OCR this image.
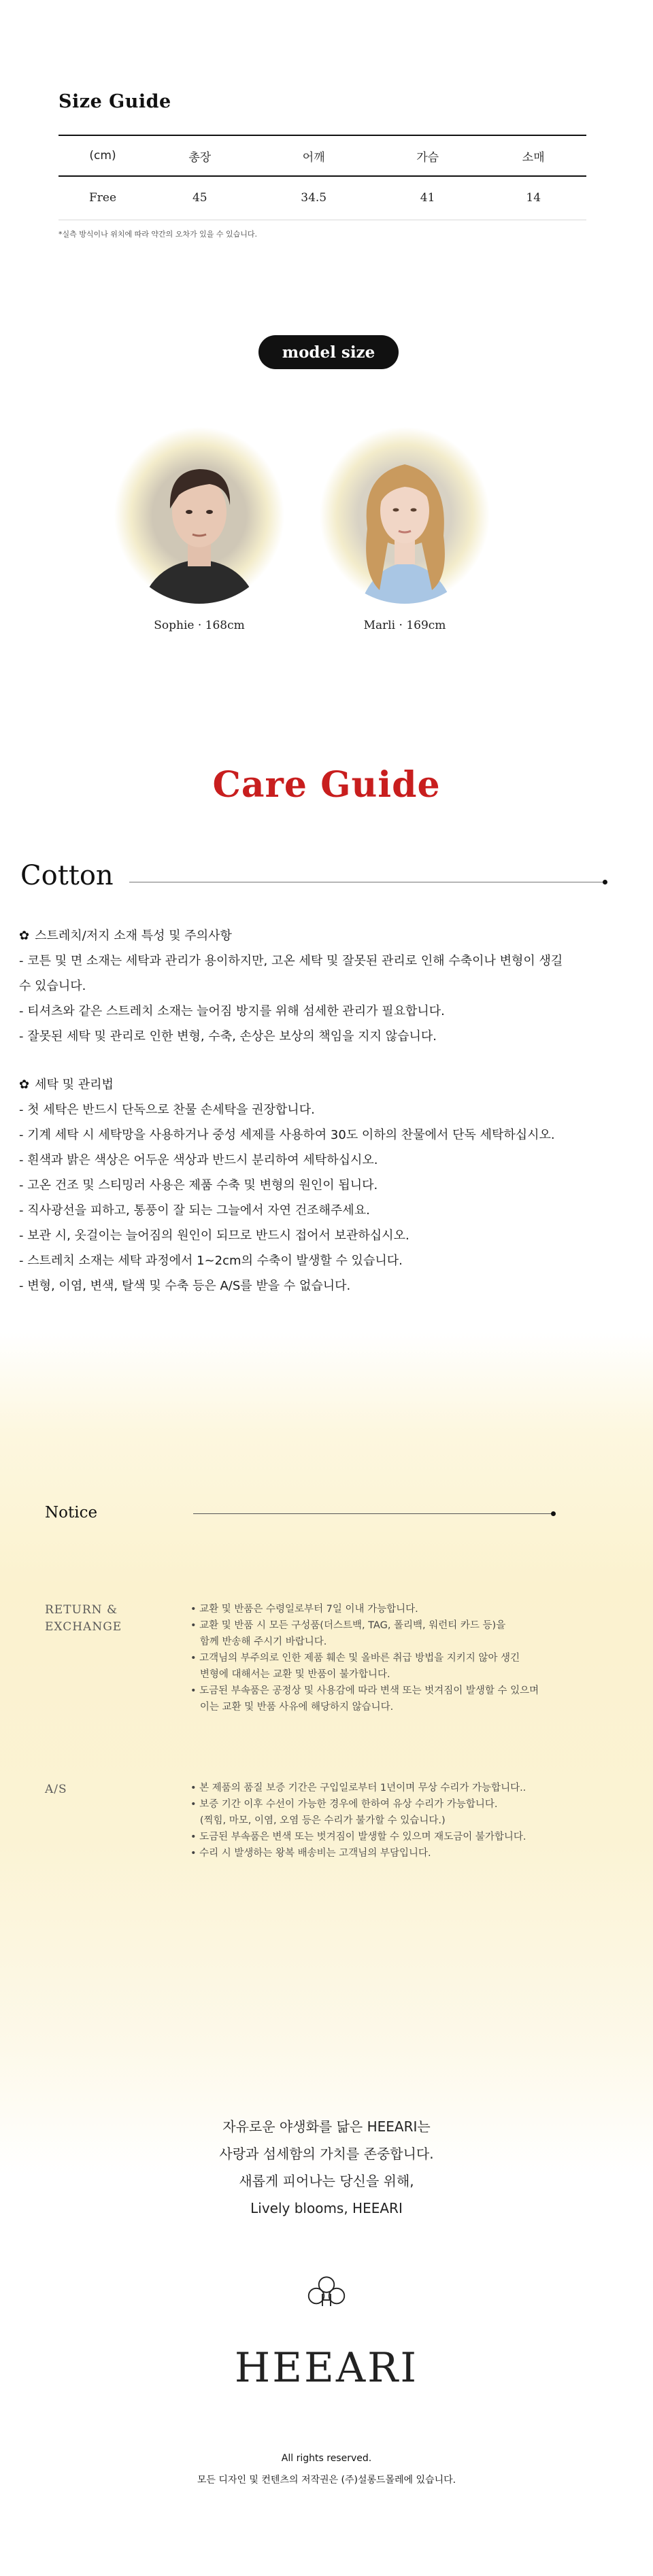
Size Guide
(cm)	총장	어깨	가슴	소매
Free	45	34.5	41	14
*실측 방식이나 위치에 따라 약간의 오차가 있을 수 있습니다.
model size
Sophie · 168cm	Marli · 169cm
Care Guide
Cotton
✿ 스트레치/저지 소재 특성 및 주의사항
- 코튼 및 면 소재는 세탁과 관리가 용이하지만, 고온 세탁 및 잘못된 관리로 인해 수축이나 변형이 생길
수 있습니다.
- 티셔츠와 같은 스트레치 소재는 늘어짐 방지를 위해 섬세한 관리가 필요합니다.
- 잘못된 세탁 및 관리로 인한 변형, 수축, 손상은 보상의 책임을 지지 않습니다.
✿ 세탁 및 관리법
- 첫 세탁은 반드시 단독으로 찬물 손세탁을 권장합니다.
- 기계 세탁 시 세탁망을 사용하거나 중성 세제를 사용하여 30도 이하의 찬물에서 단독 세탁하십시오.
- 흰색과 밝은 색상은 어두운 색상과 반드시 분리하여 세탁하십시오.
- 고온 건조 및 스티밍러 사용은 제품 수축 및 변형의 원인이 됩니다.
- 직사광선을 피하고, 통풍이 잘 되는 그늘에서 자연 건조해주세요.
- 보관 시, 옷걸이는 늘어짐의 원인이 되므로 반드시 접어서 보관하십시오.
- 스트레치 소재는 세탁 과정에서 1~2cm의 수축이 발생할 수 있습니다.
- 변형, 이염, 변색, 탈색 및 수축 등은 A/S를 받을 수 없습니다.
Notice
RETURN &
EXCHANGE
• 교환 및 반품은 수령일로부터 7일 이내 가능합니다.
• 교환 및 반품 시 모든 구성품(더스트백, TAG, 폴리백, 워런티 카드 등)을
함께 반송해 주시기 바랍니다.
• 고객님의 부주의로 인한 제품 훼손 및 올바른 취급 방법을 지키지 않아 생긴
변형에 대해서는 교환 및 반품이 불가합니다.
• 도금된 부속품은 공정상 및 사용감에 따라 변색 또는 벗겨짐이 발생할 수 있으며
이는 교환 및 반품 사유에 해당하지 않습니다.
A/S	• 본 제품의 품질 보증 기간은 구입일로부터 1년이며 무상 수리가 가능합니다..
• 보증 기간 이후 수선이 가능한 경우에 한하여 유상 수리가 가능합니다.
(찍힘, 마모, 이염, 오염 등은 수리가 불가할 수 있습니다.)
• 도금된 부속품은 변색 또는 벗겨짐이 발생할 수 있으며 재도금이 불가합니다.
• 수리 시 발생하는 왕복 배송비는 고객님의 부담입니다.
자유로운 야생화를 닮은 HEEARI는
사랑과 섬세함의 가치를 존중합니다.
새롭게 피어나는 당신을 위해,
Lively blooms, HEEARI
HEEARI
All rights reserved.
모든 디자인 및 컨텐츠의 저작권은 (주)설롱드몰레에 있습니다.
